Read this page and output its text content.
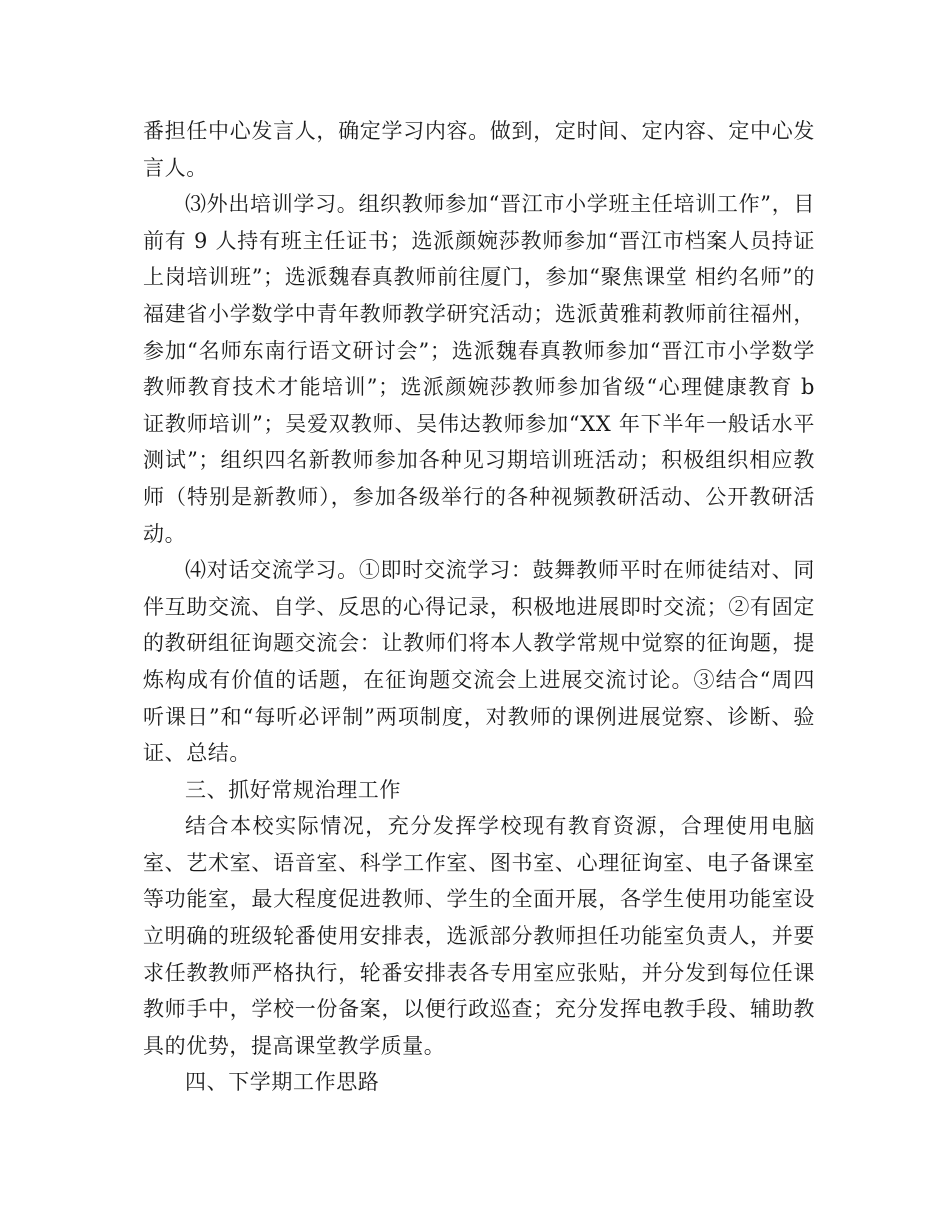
番担任中心发言人，确定学习内容。做到，定时间、定内容、定中心发言人。

⑶外出培训学习。组织教师参加“晋江市小学班主任培训工作”，目前有 9 人持有班主任证书；选派颜婉莎教师参加“晋江市档案人员持证上岗培训班”；选派魏春真教师前往厦门，参加“聚焦课堂 相约名师”的福建省小学数学中青年教师教学研究活动；选派黄雅莉教师前往福州，参加“名师东南行语文研讨会”；选派魏春真教师参加“晋江市小学数学教师教育技术才能培训”；选派颜婉莎教师参加省级“心理健康教育 b 证教师培训”；吴爱双教师、吴伟达教师参加“XX 年下半年一般话水平测试”；组织四名新教师参加各种见习期培训班活动；积极组织相应教师（特别是新教师），参加各级举行的各种视频教研活动、公开教研活动。

⑷对话交流学习。①即时交流学习：鼓舞教师平时在师徒结对、同伴互助交流、自学、反思的心得记录，积极地进展即时交流；②有固定的教研组征询题交流会：让教师们将本人教学常规中觉察的征询题，提炼构成有价值的话题，在征询题交流会上进展交流讨论。③结合“周四听课日”和“每听必评制”两项制度，对教师的课例进展觉察、诊断、验证、总结。

三、抓好常规治理工作

结合本校实际情况，充分发挥学校现有教育资源，合理使用电脑室、艺术室、语音室、科学工作室、图书室、心理征询室、电子备课室等功能室，最大程度促进教师、学生的全面开展，各学生使用功能室设立明确的班级轮番使用安排表，选派部分教师担任功能室负责人，并要求任教教师严格执行，轮番安排表各专用室应张贴，并分发到每位任课教师手中，学校一份备案，以便行政巡查；充分发挥电教手段、辅助教具的优势，提高课堂教学质量。

四、下学期工作思路
